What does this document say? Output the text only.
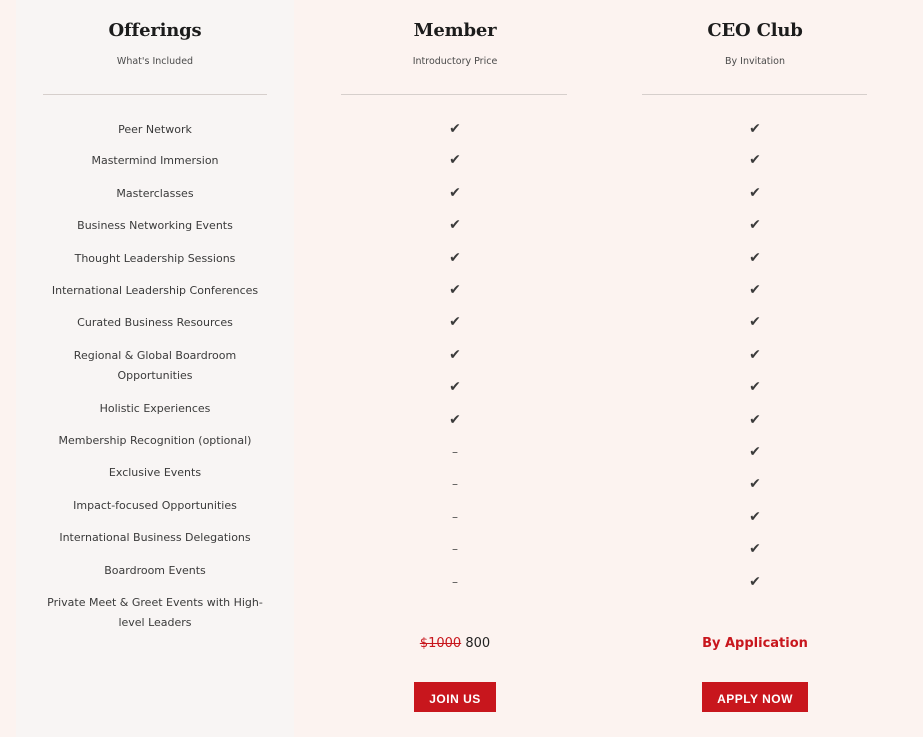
Offerings
What's Included
Peer Network
Mastermind Immersion
Masterclasses
Business Networking Events
Thought Leadership Sessions
International Leadership Conferences
Curated Business Resources
Regional & Global Boardroom Opportunities
Holistic Experiences
Membership Recognition (optional)
Exclusive Events
Impact-focused Opportunities
International Business Delegations
Boardroom Events
Private Meet & Greet Events with High-level Leaders
Member
Introductory Price
✔
✔
✔
✔
✔
✔
✔
✔
✔
✔
–
–
–
–
–
$1000 800
JOIN US
CEO Club
By Invitation
✔
✔
✔
✔
✔
✔
✔
✔
✔
✔
✔
✔
✔
✔
✔
By Application
APPLY NOW
